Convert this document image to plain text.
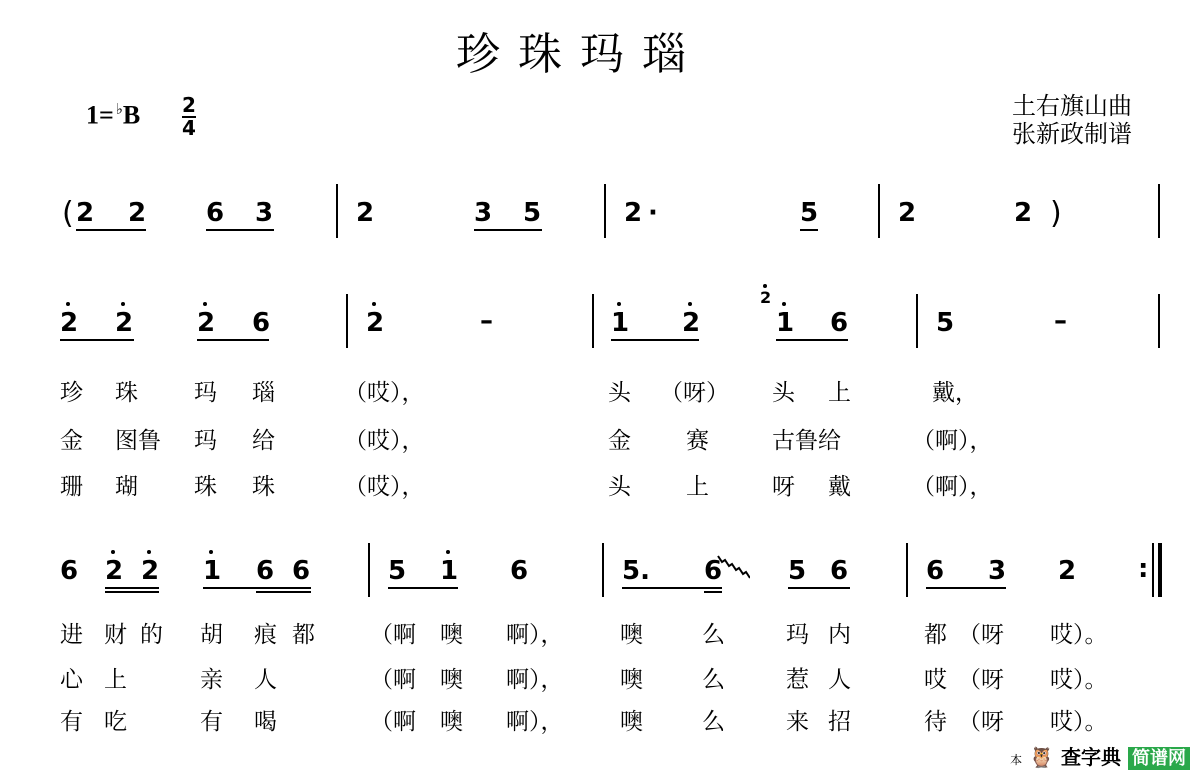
珍珠玛瑙
1= ♭B 2
4
土右旗山曲
张新政制谱
( 2 2 6 3	2	3 5	2 ·	5	2	2 )
2 2 2 6	2	–	1 2
2
1 6	5	–
珍 珠 玛 瑙	（哎），	头 （呀） 头 上	戴，
金 图鲁 玛 给	（哎），	金 赛	古鲁给	（啊），
珊 瑚 珠 珠	（哎），	头 上	呀 戴	（啊），
6 2 2 1 6 6	5 1 6	5. 6	5 6	6 3 2 :
进 财 的 胡 痕 都 （啊 噢 啊）， 噢	么	玛 内	都 （呀 哎）。
心 上	亲 人	（啊 噢 啊）， 噢	么	惹 人	哎 （呀 哎）。
有 吃	有 喝	（啊 噢 啊）， 噢	么	来 招	待 （呀 哎）。
本 🦉 查字典 简谱网
